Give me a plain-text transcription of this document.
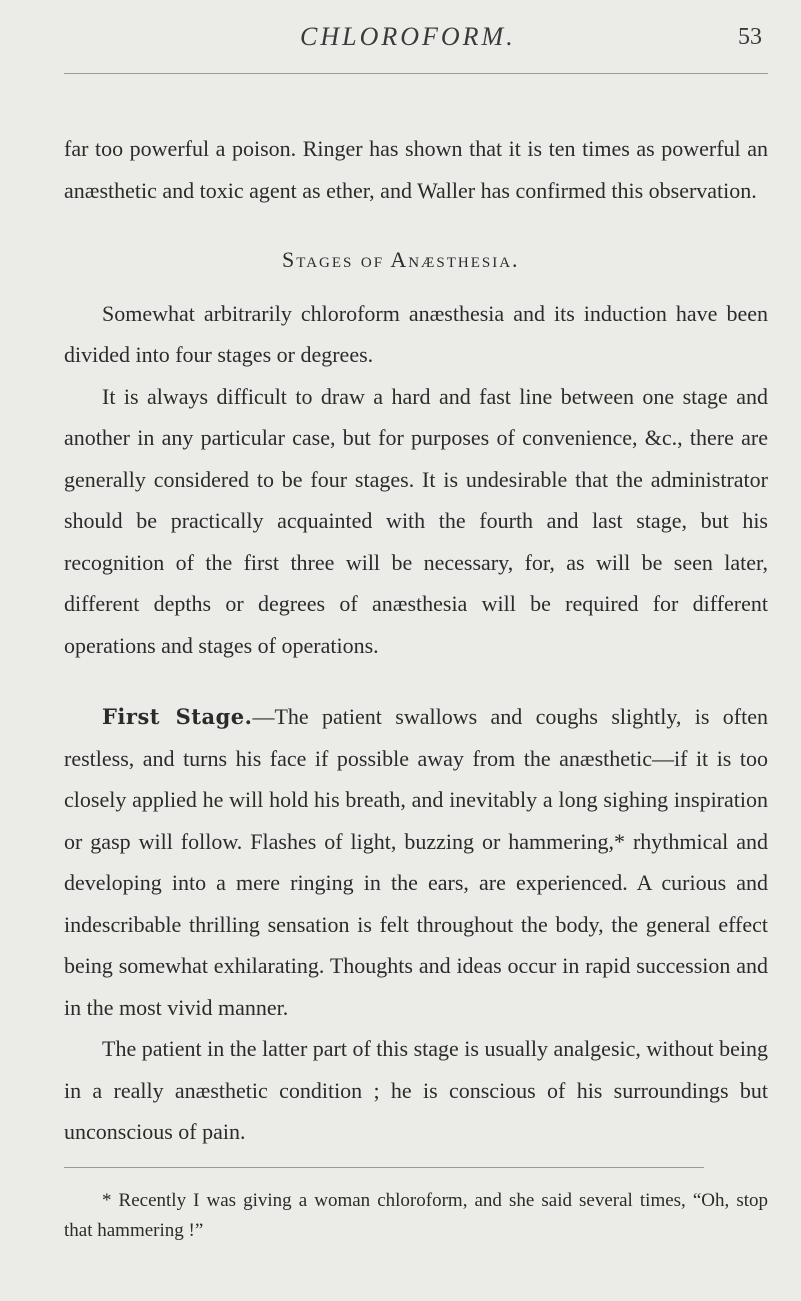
CHLOROFORM.	53

far too powerful a poison. Ringer has shown that it is ten times as powerful an anæsthetic and toxic agent as ether, and Waller has confirmed this observation.

Stages of Anæsthesia.

Somewhat arbitrarily chloroform anæsthesia and its induction have been divided into four stages or degrees.

It is always difficult to draw a hard and fast line between one stage and another in any particular case, but for purposes of convenience, &c., there are generally considered to be four stages. It is undesirable that the administrator should be practically acquainted with the fourth and last stage, but his recognition of the first three will be necessary, for, as will be seen later, different depths or degrees of anæsthesia will be required for different operations and stages of operations.

First Stage.—The patient swallows and coughs slightly, is often restless, and turns his face if possible away from the anæsthetic—if it is too closely applied he will hold his breath, and inevitably a long sighing inspiration or gasp will follow. Flashes of light, buzzing or hammering,* rhythmical and developing into a mere ringing in the ears, are experienced. A curious and indescribable thrilling sensation is felt throughout the body, the general effect being somewhat exhilarating. Thoughts and ideas occur in rapid succession and in the most vivid manner.

The patient in the latter part of this stage is usually analgesic, without being in a really anæsthetic condition ; he is conscious of his surroundings but unconscious of pain.

* Recently I was giving a woman chloroform, and she said several times, “Oh, stop that hammering !”
